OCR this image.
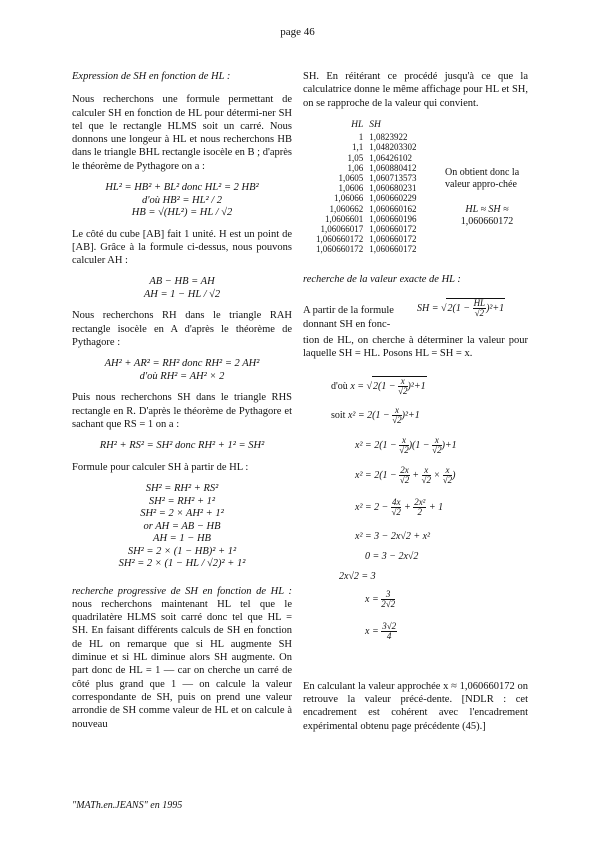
page 46

Expression de SH en fonction de HL :

Nous recherchons une formule permettant de calculer SH en fonction de HL pour détermi-ner SH tel que le rectangle HLMS soit un carré. Nous donnons une longeur à HL et nous recherchons HB dans le triangle BHL rectangle isocèle en B ; d'après le théorème de Pythagore on a :

HL² = HB² + BL² donc HL² = 2 HB²
d'où HB² = HL² / 2
HB = √(HL²) = HL / √2

Le côté du cube [AB] fait 1 unité. H est un point de [AB]. Grâce à la formule ci-dessus, nous pouvons calculer AH :

AB − HB = AH
AH = 1 − HL / √2

Nous recherchons RH dans le triangle RAH rectangle isocèle en A d'après le théorème de Pythagore :

AH² + AR² = RH² donc RH² = 2 AH²
d'où RH² = AH² × 2

Puis nous recherchons SH dans le triangle RHS rectangle en R. D'après le théorème de Pythagore et sachant que RS = 1 on a :

RH² + RS² = SH² donc RH² + 1² = SH²

Formule pour calculer SH à partir de HL :

SH² = RH² + RS²
SH² = RH² + 1²
SH² = 2 × AH² + 1²
or AH = AB − HB
AH = 1 − HB
SH² = 2 × (1 − HB)² + 1²
SH² = 2 × (1 − HL / √2)² + 1²

recherche progressive de SH en fonction de HL : nous recherchons maintenant HL tel que le quadrilatère HLMS soit carré donc tel que HL = SH. En faisant différents calculs de SH en fonction de HL on remarque que si HL augmente SH diminue et si HL diminue alors SH augmente. On part donc de HL = 1 — car on cherche un carré de côté plus grand que 1 — on calcule la valeur correspondante de SH, puis on prend une valeur arrondie de SH comme valeur de HL et on calcule à nouveau

SH. En réitérant ce procédé jusqu'à ce que la calculatrice donne le même affichage pour HL et SH, on se rapproche de la valeur qui convient.

HL	SH
1	1,0823922
1,1	1,048203302
1,05	1,06426102
1,06	1,060880412
1,0605	1,060713573
1,0606	1,060680231
1,06066	1,060660229
1,060662	1,060660162
1,0606601	1,060660196
1,06066017	1,060660172
1,060660172	1,060660172
1,060660172	1,060660172
On obtient donc la valeur appro-chée
HL ≈ SH ≈
1,060660172

recherche de la valeur exacte de HL :

A partir de la formule SH = $√2(1 - \frac{HL}{√2} )^2+1$
donnant SH en fonc-

tion de HL, on cherche à déterminer la valeur pour laquelle SH = HL. Posons HL = SH = x.

d'où $x = √2(1 - \frac{x}{√2} )^2+1$
soit $x^2 = 2(1 - \frac{x}{√2} )^2+1$
$x^2 = 2(1 - \frac{x}{√2} )(1 - \frac{x}{√2} )+1$
$x^2 = 2(1 - \frac{2x}{√2} + \frac{x}{√2} \times \frac{x}{√2}$ )
$x^2 = 2 - \frac{4x}{√2} + \frac{\text{2x²}}{2} + 1$
x² = 3 − 2x√2 + x²
0 = 3 − 2x√2
2x√2 = 3
$x = \frac{3}{2√2}$
$x = \frac{3√2}{4}$

En calculant la valeur approchée x ≈ 1,060660172 on retrouve la valeur précé-dente. [NDLR : cet encadrement est cohérent avec l'encadrement expérimental obtenu page précédente (45).]

"MATh.en.JEANS" en 1995
